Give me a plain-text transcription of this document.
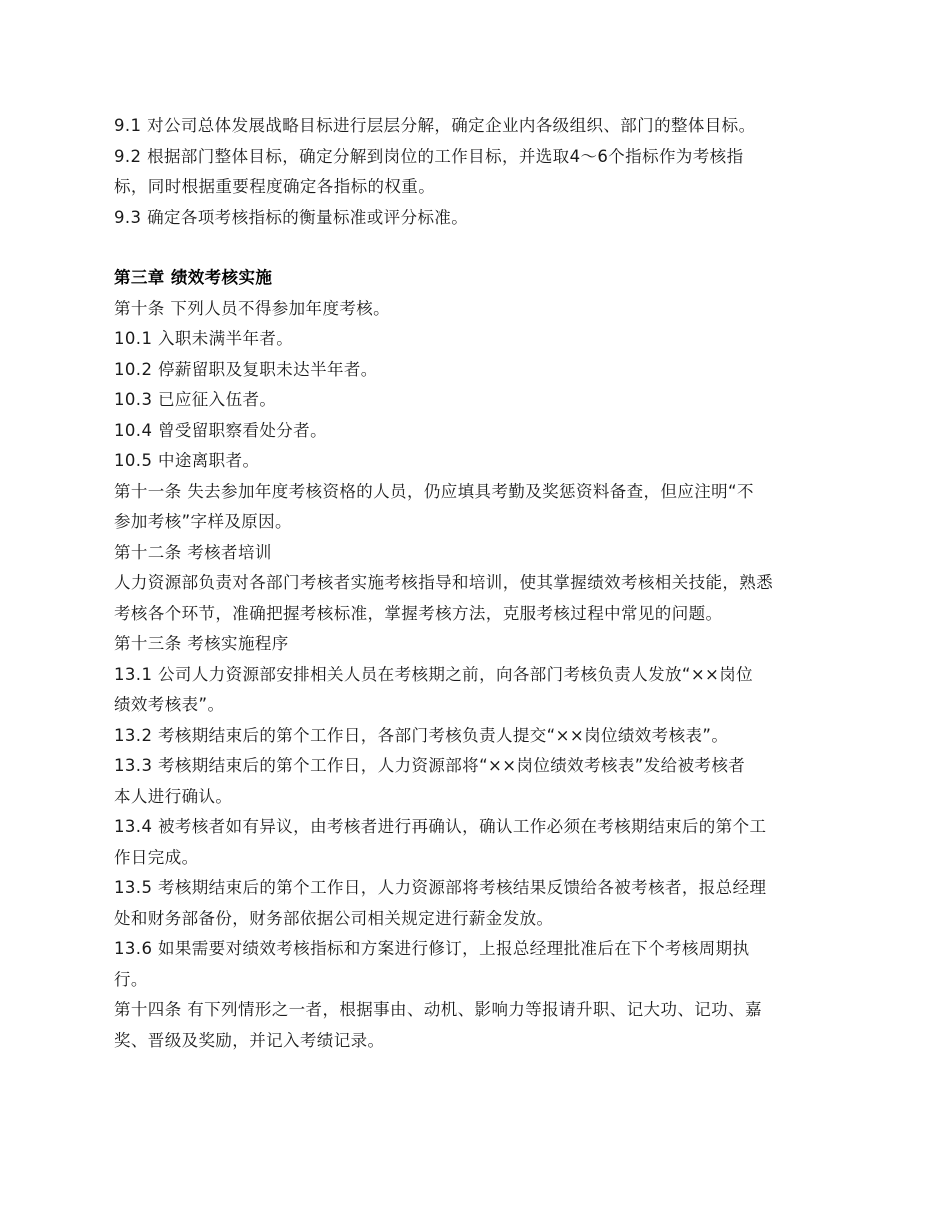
9.1 对公司总体发展战略目标进行层层分解，确定企业内各级组织、部门的整体目标。
9.2 根据部门整体目标，确定分解到岗位的工作目标，并选取4～6个指标作为考核指
标，同时根据重要程度确定各指标的权重。
9.3 确定各项考核指标的衡量标准或评分标准。
第三章 绩效考核实施
第十条 下列人员不得参加年度考核。
10.1 入职未满半年者。
10.2 停薪留职及复职未达半年者。
10.3 已应征入伍者。
10.4 曾受留职察看处分者。
10.5 中途离职者。
第十一条 失去参加年度考核资格的人员，仍应填具考勤及奖惩资料备查，但应注明“不
参加考核”字样及原因。
第十二条 考核者培训
人力资源部负责对各部门考核者实施考核指导和培训，使其掌握绩效考核相关技能，熟悉
考核各个环节，准确把握考核标准，掌握考核方法，克服考核过程中常见的问题。
第十三条 考核实施程序
13.1 公司人力资源部安排相关人员在考核期之前，向各部门考核负责人发放“××岗位
绩效考核表”。
13.2 考核期结束后的第个工作日，各部门考核负责人提交“××岗位绩效考核表”。
13.3 考核期结束后的第个工作日，人力资源部将“××岗位绩效考核表”发给被考核者
本人进行确认。
13.4 被考核者如有异议，由考核者进行再确认，确认工作必须在考核期结束后的第个工
作日完成。
13.5 考核期结束后的第个工作日，人力资源部将考核结果反馈给各被考核者，报总经理
处和财务部备份，财务部依据公司相关规定进行薪金发放。
13.6 如果需要对绩效考核指标和方案进行修订，上报总经理批准后在下个考核周期执
行。
第十四条 有下列情形之一者，根据事由、动机、影响力等报请升职、记大功、记功、嘉
奖、晋级及奖励，并记入考绩记录。
